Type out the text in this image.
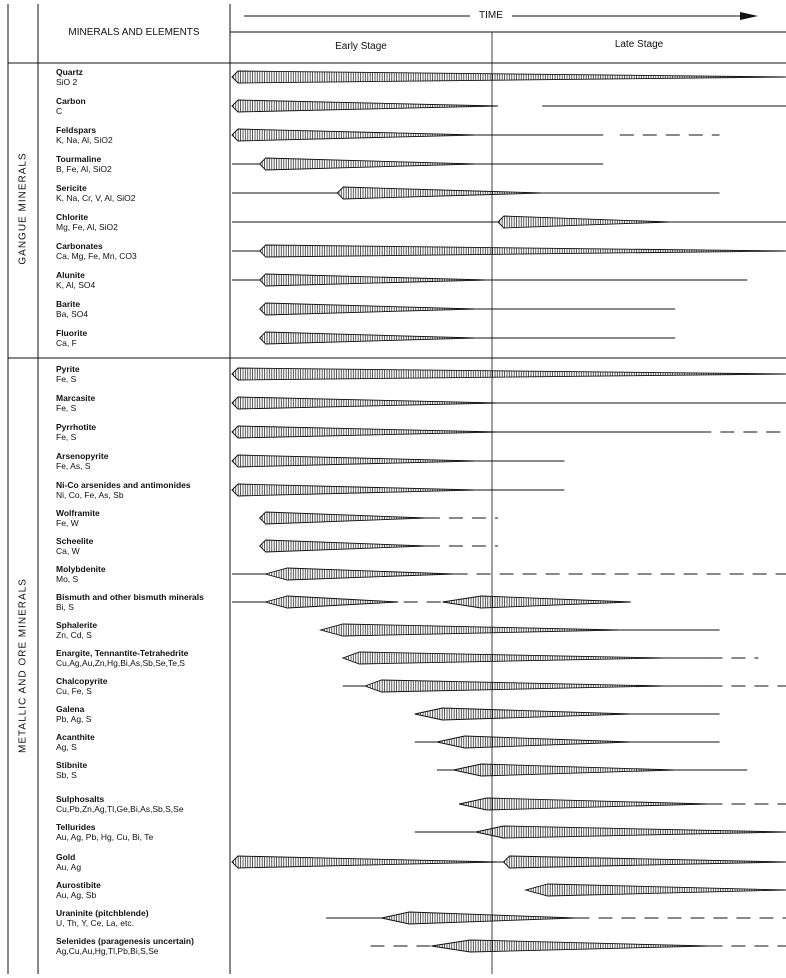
MINERALS AND ELEMENTS
TIME
Early Stage	Late Stage
GANGUE MINERALS
METALLIC AND ORE MINERALS
Quartz
SiO 2
Carbon
C
Feldspars
K, Na, Al, SiO2
Tourmaline
B, Fe, Al, SiO2
Sericite
K, Na, Cr, V, Al, SiO2
Chlorite
Mg, Fe, Al, SiO2
Carbonates
Ca, Mg, Fe, Mn, CO3
Alunite
K, Al, SO4
Barite
Ba, SO4
Fluorite
Ca, F
Pyrite
Fe, S
Marcasite
Fe, S
Pyrrhotite
Fe, S
Arsenopyrite
Fe, As, S
Ni-Co arsenides and antimonides
Ni, Co, Fe, As, Sb
Wolframite
Fe, W
Scheelite
Ca, W
Molybdenite
Mo, S
Bismuth and other bismuth minerals
Bi, S
Sphalerite
Zn, Cd, S
Enargite, Tennantite-Tetrahedrite
Cu,Ag,Au,Zn,Hg,Bi,As,Sb,Se,Te,S
Chalcopyrite
Cu, Fe, S
Galena
Pb, Ag, S
Acanthite
Ag, S
Stibnite
Sb, S
Sulphosalts
Cu,Pb,Zn,Ag,Tl,Ge,Bi,As,Sb,S,Se
Tellurides
Au, Ag, Pb, Hg, Cu, Bi, Te
Gold
Au, Ag
Aurostibite
Au, Ag, Sb
Uraninite (pitchblende)
U, Th, Y, Ce, La, etc.
Selenides (paragenesis uncertain)
Ag,Cu,Au,Hg,Tl,Pb,Bi,S,Se
